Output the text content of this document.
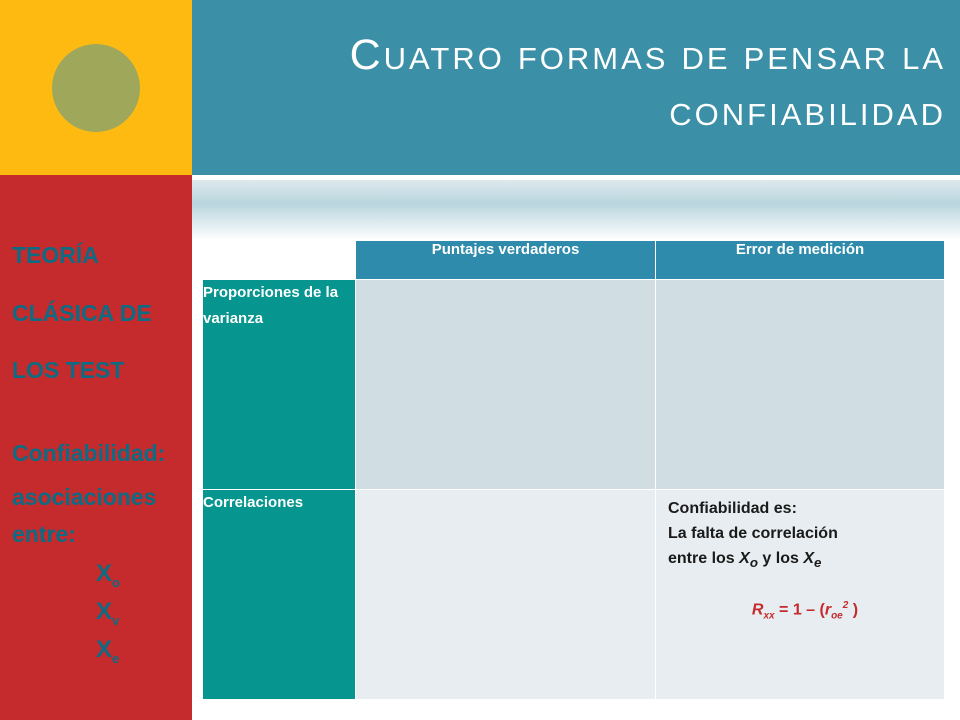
CUATRO FORMAS DE PENSAR LA
CONFIABILIDAD
TEORÍA
CLÁSICA DE
LOS TEST
Confiabilidad:
asociaciones
entre:
$X_o$
$X_v$
$X_e$
	Puntajes verdaderos	Error de medición
Proporciones de la varianza		
Correlaciones		Confiabilidad es:
La falta de correlación
entre los $X_o$ y los $X_e$
$R_{xx} = 1 - (r_{oe}^2$ )
